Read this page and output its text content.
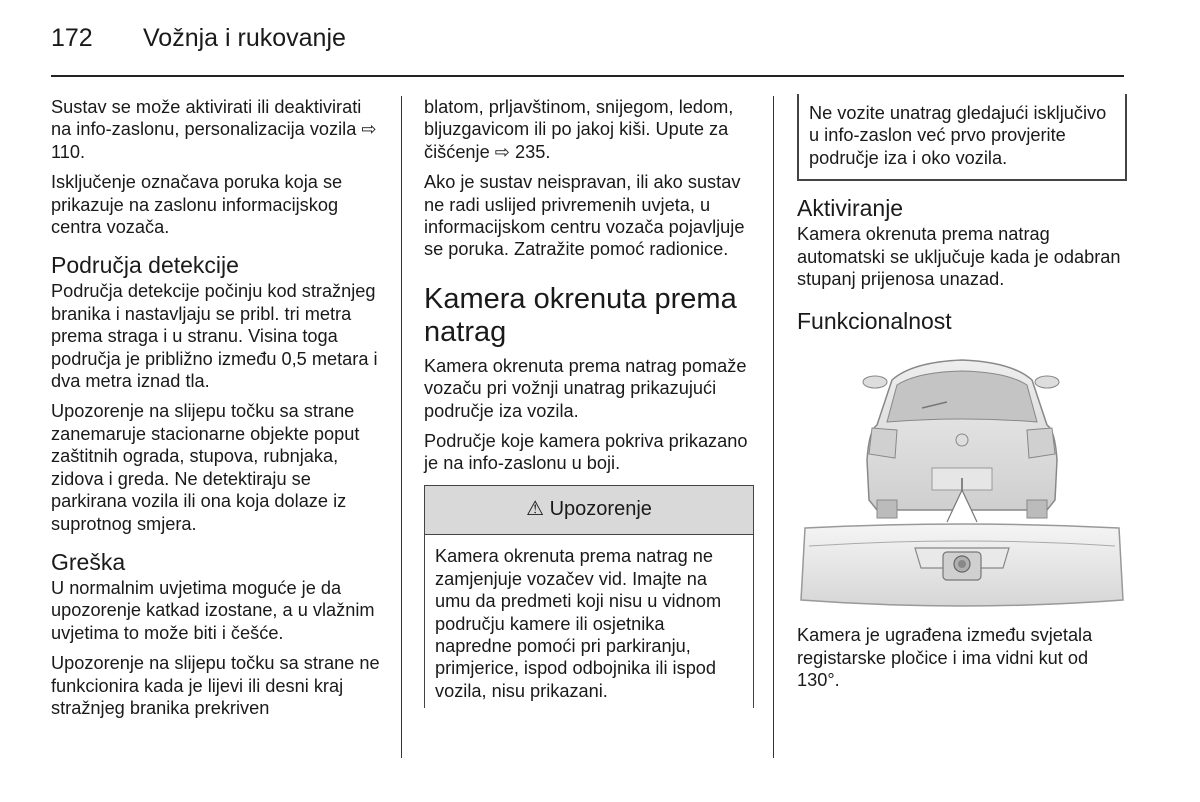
172 Vožnja i rukovanje

Sustav se može aktivirati ili deaktivirati na info-zaslonu, personalizacija vozila ⇨ 110.

Isključenje označava poruka koja se prikazuje na zaslonu informacijskog centra vozača.

Područja detekcije

Područja detekcije počinju kod stražnjeg branika i nastavljaju se pribl. tri metra prema straga i u stranu. Visina toga područja je približno između 0,5 metara i dva metra iznad tla.

Upozorenje na slijepu točku sa strane zanemaruje stacionarne objekte poput zaštitnih ograda, stupova, rubnjaka, zidova i greda. Ne detektiraju se parkirana vozila ili ona koja dolaze iz suprotnog smjera.

Greška

U normalnim uvjetima moguće je da upozorenje katkad izostane, a u vlažnim uvjetima to može biti i češće.

Upozorenje na slijepu točku sa strane ne funkcionira kada je lijevi ili desni kraj stražnjeg branika prekriven

blatom, prljavštinom, snijegom, ledom, bljuzgavicom ili po jakoj kiši. Upute za čišćenje ⇨ 235.

Ako je sustav neispravan, ili ako sustav ne radi uslijed privremenih uvjeta, u informacijskom centru vozača pojavljuje se poruka. Zatražite pomoć radionice.

Kamera okrenuta prema natrag

Kamera okrenuta prema natrag pomaže vozaču pri vožnji unatrag prikazujući područje iza vozila.

Područje koje kamera pokriva prikazano je na info-zaslonu u boji.

⚠ Upozorenje
Kamera okrenuta prema natrag ne zamjenjuje vozačev vid. Imajte na umu da predmeti koji nisu u vidnom području kamere ili osjetnika napredne pomoći pri parkiranju, primjerice, ispod odbojnika ili ispod vozila, nisu prikazani.
Ne vozite unatrag gledajući isključivo u info-zaslon već prvo provjerite područje iza i oko vozila.
Aktiviranje

Kamera okrenuta prema natrag automatski se uključuje kada je odabran stupanj prijenosa unazad.

Funkcionalnost

Kamera je ugrađena između svjetala registarske pločice i ima vidni kut od 130°.
